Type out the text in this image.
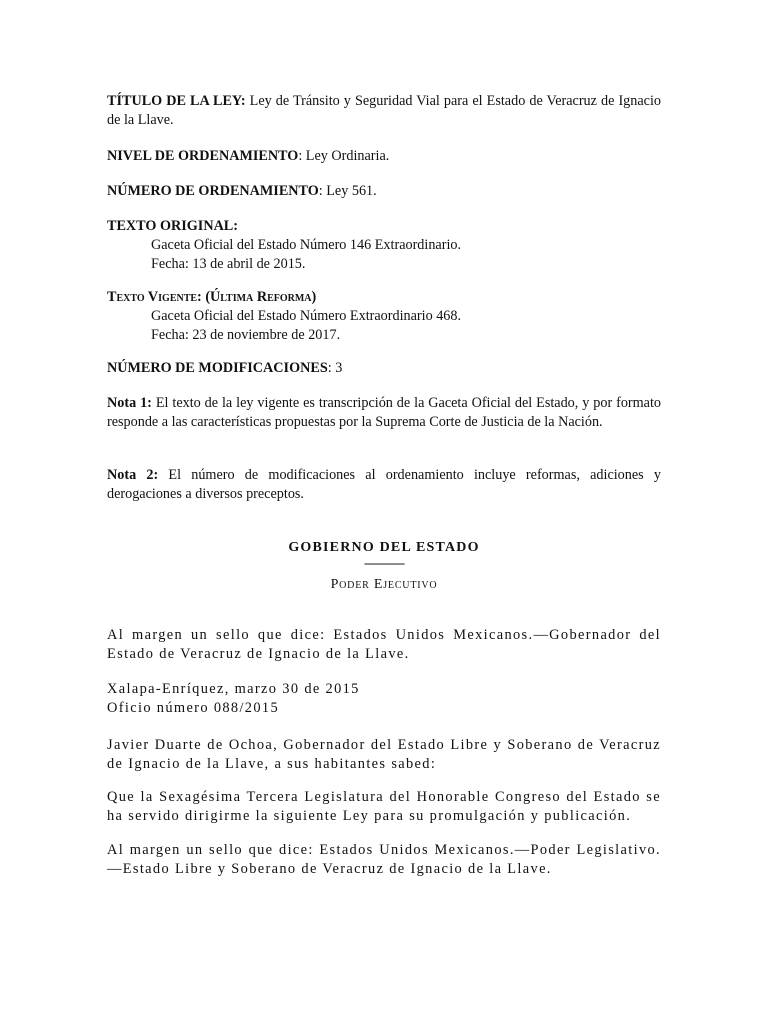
TÍTULO DE LA LEY: Ley de Tránsito y Seguridad Vial para el Estado de Veracruz de Ignacio de la Llave.
NIVEL DE ORDENAMIENTO: Ley Ordinaria.
NÚMERO DE ORDENAMIENTO: Ley 561.
TEXTO ORIGINAL:
Gaceta Oficial del Estado Número 146 Extraordinario.
Fecha: 13 de abril de 2015.
Texto Vigente: (Última Reforma)
Gaceta Oficial del Estado Número Extraordinario 468.
Fecha: 23 de noviembre de 2017.
NÚMERO DE MODIFICACIONES: 3
Nota 1: El texto de la ley vigente es transcripción de la Gaceta Oficial del Estado, y por formato responde a las características propuestas por la Suprema Corte de Justicia de la Nación.
Nota 2: El número de modificaciones al ordenamiento incluye reformas, adiciones y derogaciones a diversos preceptos.
GOBIERNO DEL ESTADO
———
Poder Ejecutivo
Al margen un sello que dice: Estados Unidos Mexicanos.—Gobernador del Estado de Veracruz de Ignacio de la Llave.
Xalapa-Enríquez, marzo 30 de 2015
Oficio número 088/2015
Javier Duarte de Ochoa, Gobernador del Estado Libre y Soberano de Veracruz de Ignacio de la Llave, a sus habitantes sabed:
Que la Sexagésima Tercera Legislatura del Honorable Congreso del Estado se ha servido dirigirme la siguiente Ley para su promulgación y publicación.
Al margen un sello que dice: Estados Unidos Mexicanos.—Poder Legislativo.—Estado Libre y Soberano de Veracruz de Ignacio de la Llave.
